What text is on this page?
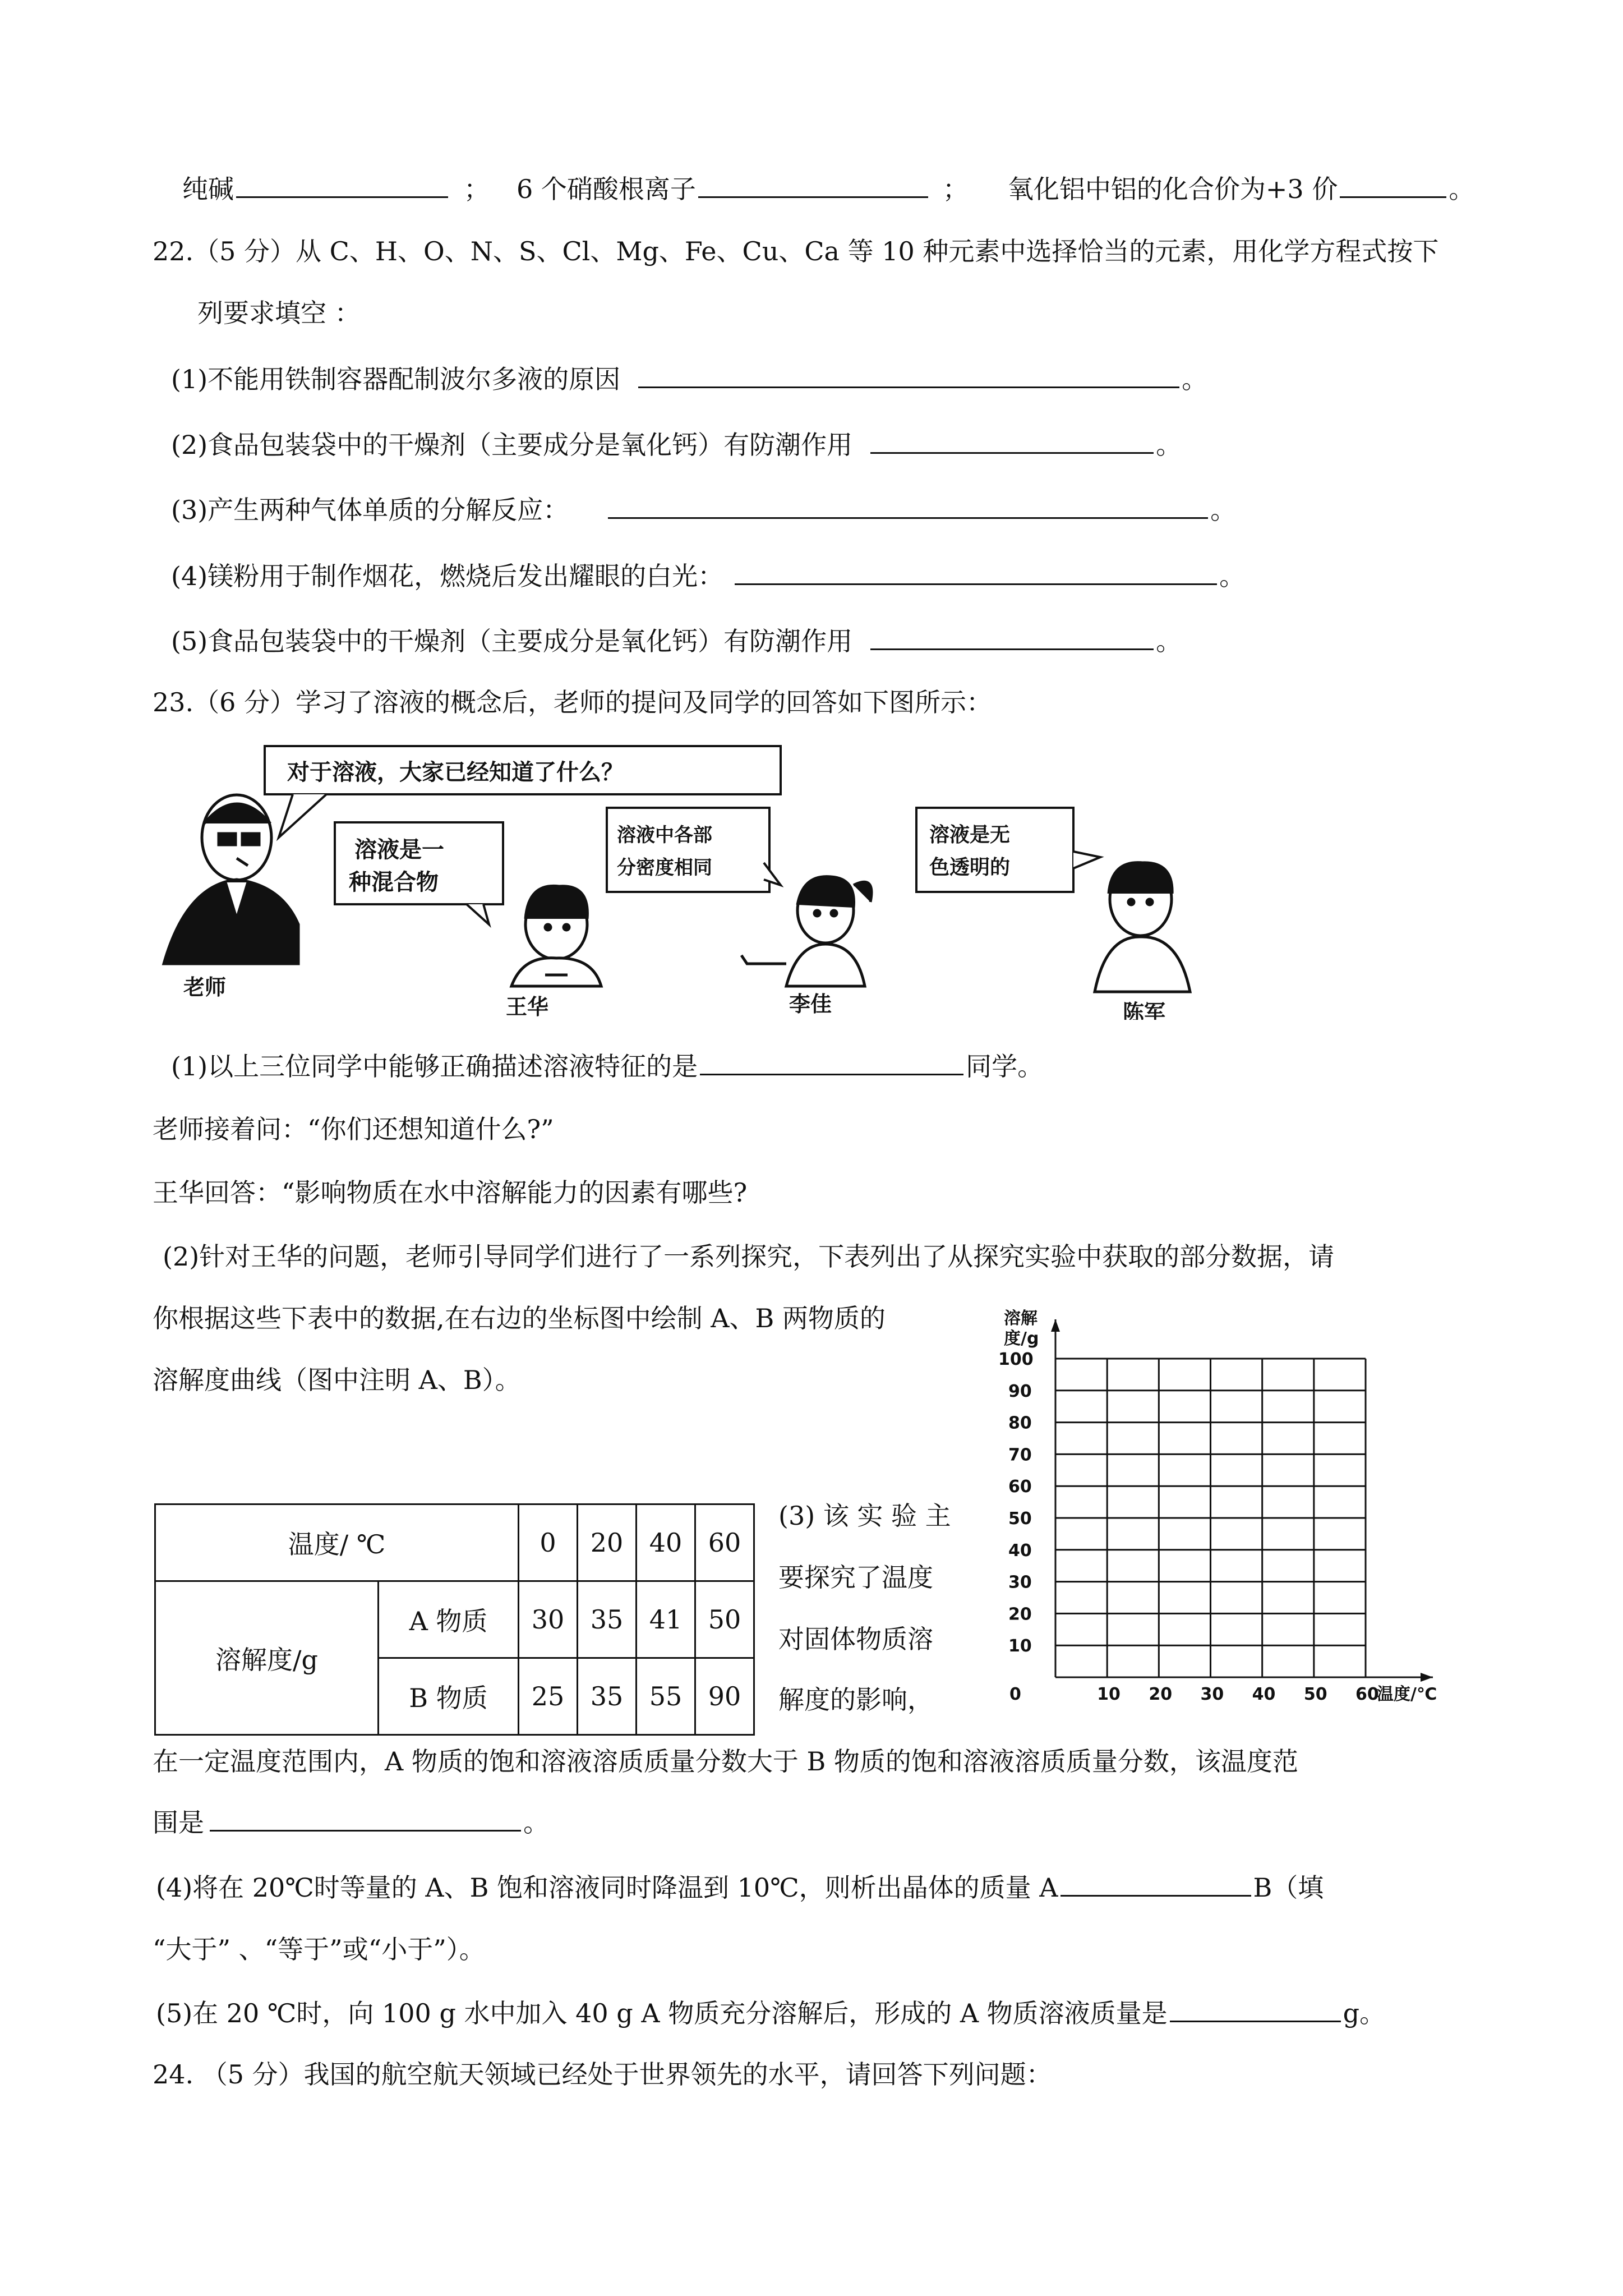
纯碱	； 6 个硝酸根离子	； 氧化铝中铝的化合价为+3 价	。
22.（5 分）从 C、H、O、N、S、Cl、Mg、Fe、Cu、Ca 等 10 种元素中选择恰当的元素，用化学方程式按下
列要求填空 ：
(1)不能用铁制容器配制波尔多液的原因	。
(2)食品包装袋中的干燥剂（主要成分是氧化钙）有防潮作用	。
(3)产生两种气体单质的分解反应：	。
(4)镁粉用于制作烟花，燃烧后发出耀眼的白光：	。
(5)食品包装袋中的干燥剂（主要成分是氧化钙）有防潮作用	。
23.（6 分）学习了溶液的概念后，老师的提问及同学的回答如下图所示：
对于溶液，大家已经知道了什么？
溶液是一
种混合物
溶液中各部
分密度相同
溶液是无
色透明的
老师
王华	李佳	陈军
(1)以上三位同学中能够正确描述溶液特征的是	同学。
老师接着问：“你们还想知道什么?”
王华回答：“影响物质在水中溶解能力的因素有哪些?
(2)针对王华的问题，老师引导同学们进行了一系列探究，下表列出了从探究实验中获取的部分数据，请
你根据这些下表中的数据,在右边的坐标图中绘制 A、B 两物质的
溶解度曲线（图中注明 A、B）。
温度/ ℃		0	20	40	60
溶解度/g	A 物质	30	35	41	50
	B 物质	25	35	55	90
(3) 该 实 验 主
要探究了温度
对固体物质溶
解度的影响，	0	10 20 30 40 50 60
10
20
30
40
50
60
70
80
90
100
溶解
度/g
温度/℃
在一定温度范围内，A 物质的饱和溶液溶质质量分数大于 B 物质的饱和溶液溶质质量分数，该温度范
围是	。
(4)将在 20℃时等量的 A、B 饱和溶液同时降温到 10℃，则析出晶体的质量 A	B（填
“大于” 、“等于”或“小于”）。
(5)在 20 ℃时，向 100 g 水中加入 40 g A 物质充分溶解后，形成的 A 物质溶液质量是	g。
24. （5 分）我国的航空航天领域已经处于世界领先的水平，请回答下列问题：
